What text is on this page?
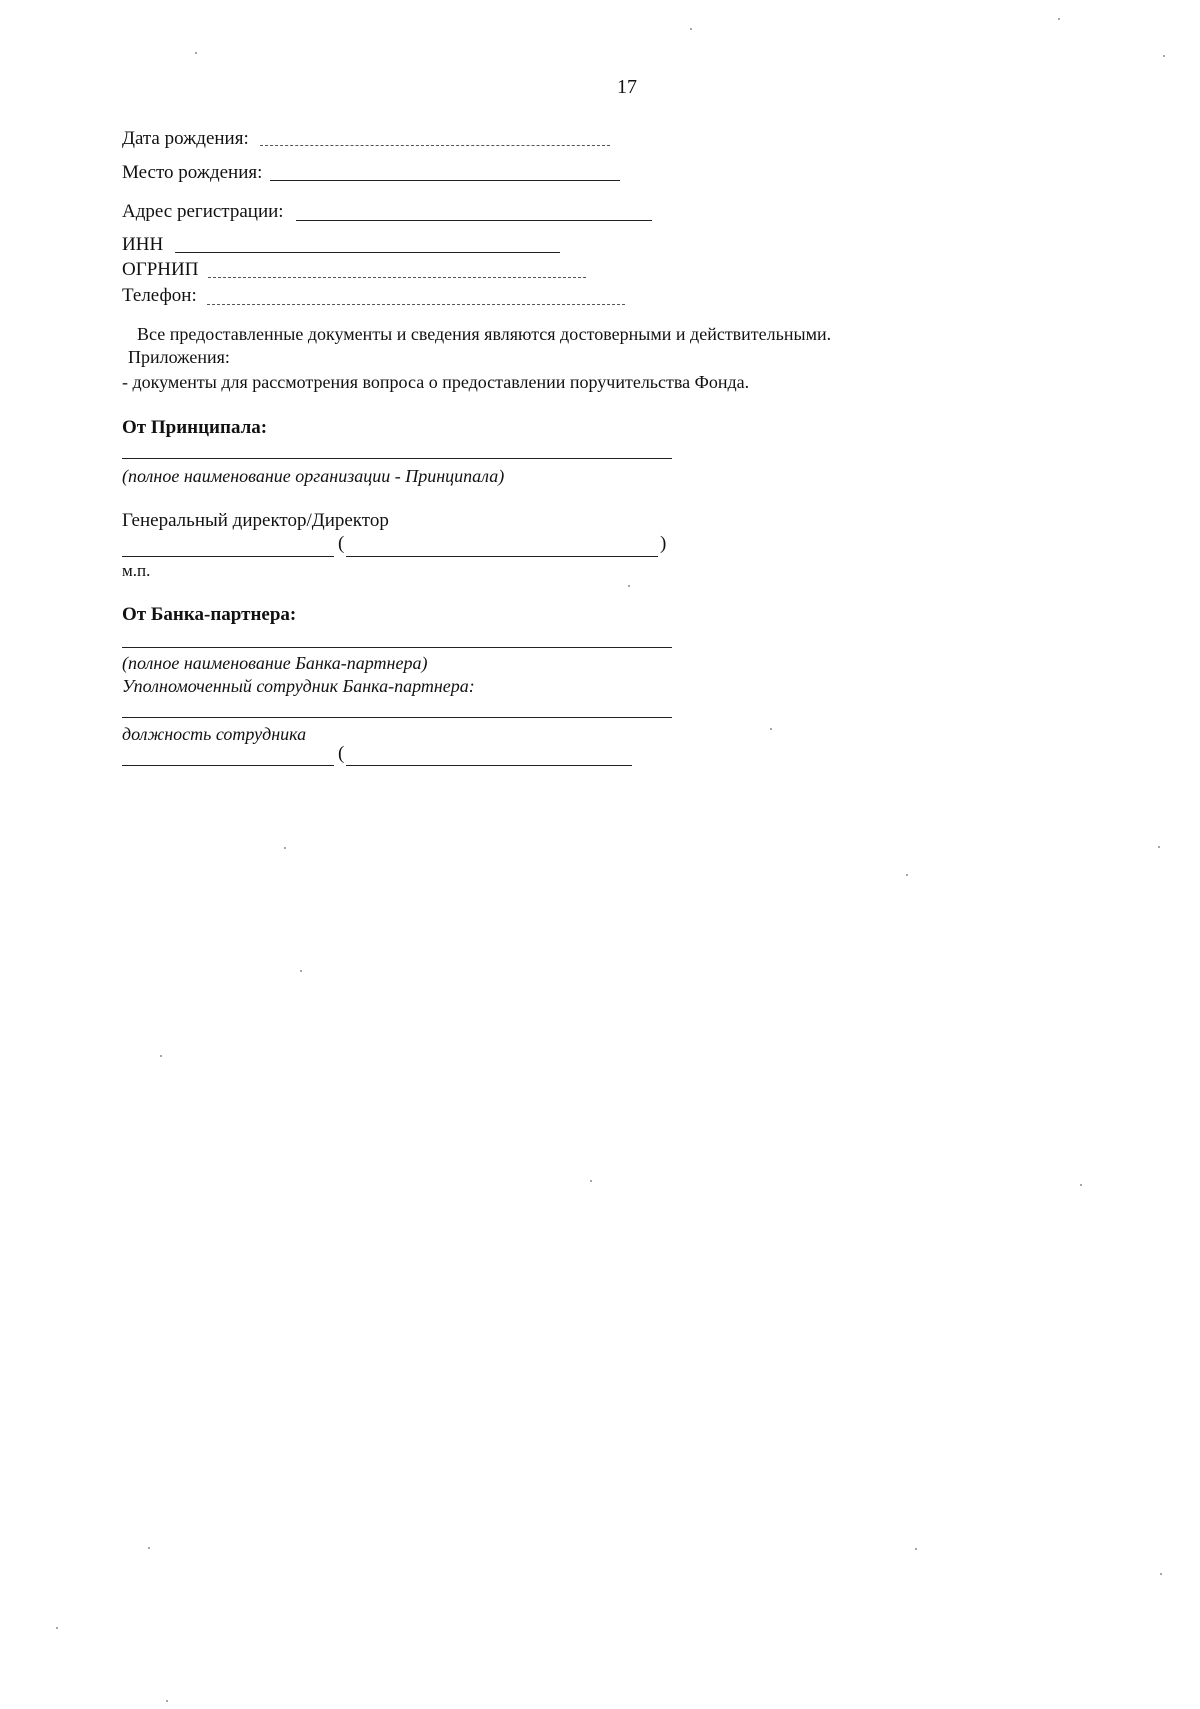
17
Дата рождения:
Место рождения:
Адрес регистрации:
ИНН
ОГРНИП
Телефон:
Все предоставленные документы и сведения являются достоверными и действительными.
Приложения:
- документы для рассмотрения вопроса о предоставлении поручительства Фонда.
От Принципала:
(полное наименование организации - Принципала)
Генеральный директор/Директор
(	)
м.п.
От Банка-партнера:
(полное наименование Банка-партнера)
Уполномоченный сотрудник Банка-партнера:
должность сотрудника
(
